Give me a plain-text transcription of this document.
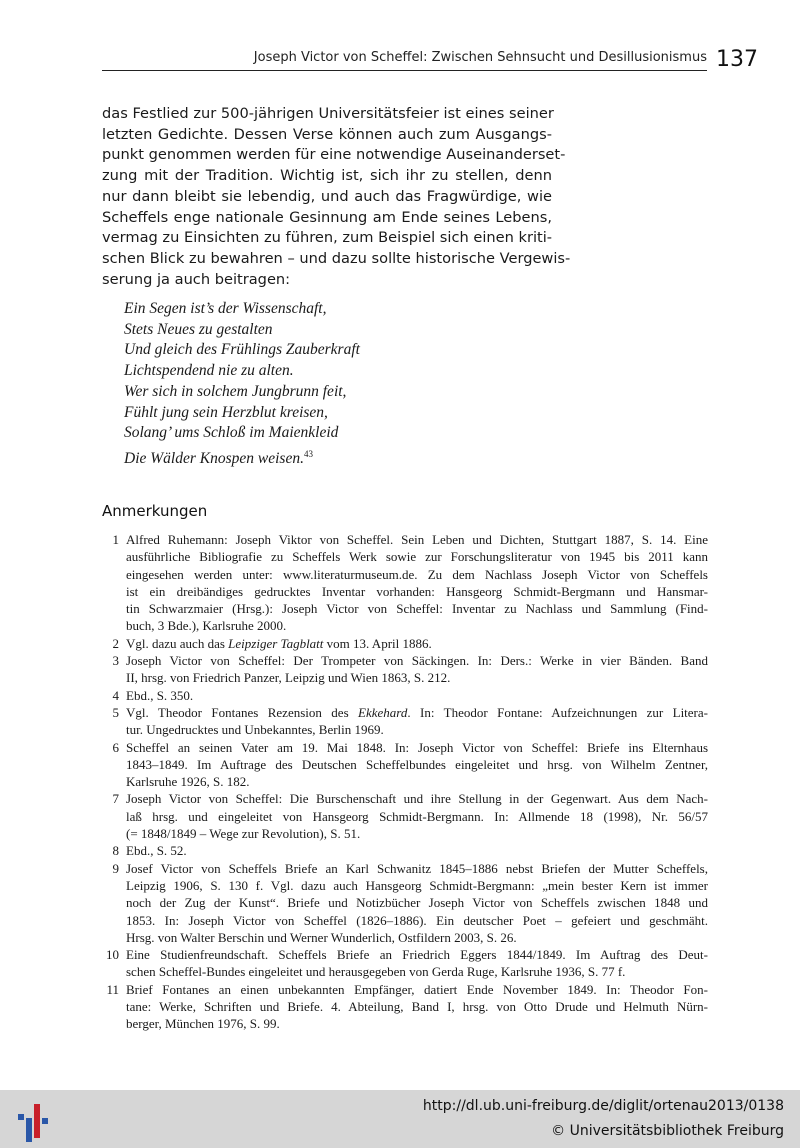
Joseph Victor von Scheffel: Zwischen Sehnsucht und Desillusionismus 137
das Festlied zur 500-jährigen Universitätsfeier ist eines seiner
letzten Gedichte. Dessen Verse können auch zum Ausgangs-
punkt genommen werden für eine notwendige Auseinanderset-
zung mit der Tradition. Wichtig ist, sich ihr zu stellen, denn
nur dann bleibt sie lebendig, und auch das Fragwürdige, wie
Scheffels enge nationale Gesinnung am Ende seines Lebens,
vermag zu Einsichten zu führen, zum Beispiel sich einen kriti-
schen Blick zu bewahren – und dazu sollte historische Vergewis-
serung ja auch beitragen:
Ein Segen ist’s der Wissenschaft,
Stets Neues zu gestalten
Und gleich des Frühlings Zauberkraft
Lichtspendend nie zu alten.
Wer sich in solchem Jungbrunn feit,
Fühlt jung sein Herzblut kreisen,
Solang’ ums Schloß im Maienkleid
Die Wälder Knospen weisen.$^{43}$
Anmerkungen
1 Alfred Ruhemann: Joseph Viktor von Scheffel. Sein Leben und Dichten, Stuttgart 1887, S. 14. Eine
ausführliche Bibliografie zu Scheffels Werk sowie zur Forschungsliteratur von 1945 bis 2011 kann
eingesehen werden unter: www.literaturmuseum.de. Zu dem Nachlass Joseph Victor von Scheffels
ist ein dreibändiges gedrucktes Inventar vorhanden: Hansgeorg Schmidt-Bergmann und Hansmar-
tin Schwarzmaier (Hrsg.): Joseph Victor von Scheffel: Inventar zu Nachlass und Sammlung (Find-
buch, 3 Bde.), Karlsruhe 2000.
2 Vgl. dazu auch das Leipziger Tagblatt vom 13. April 1886.
3 Joseph Victor von Scheffel: Der Trompeter von Säckingen. In: Ders.: Werke in vier Bänden. Band
II, hrsg. von Friedrich Panzer, Leipzig und Wien 1863, S. 212.
4 Ebd., S. 350.
5 Vgl. Theodor Fontanes Rezension des Ekkehard. In: Theodor Fontane: Aufzeichnungen zur Litera-
tur. Ungedrucktes und Unbekanntes, Berlin 1969.
6 Scheffel an seinen Vater am 19. Mai 1848. In: Joseph Victor von Scheffel: Briefe ins Elternhaus
1843–1849. Im Auftrage des Deutschen Scheffelbundes eingeleitet und hrsg. von Wilhelm Zentner,
Karlsruhe 1926, S. 182.
7 Joseph Victor von Scheffel: Die Burschenschaft und ihre Stellung in der Gegenwart. Aus dem Nach-
laß hrsg. und eingeleitet von Hansgeorg Schmidt-Bergmann. In: Allmende 18 (1998), Nr. 56/57
(= 1848/1849 – Wege zur Revolution), S. 51.
8 Ebd., S. 52.
9 Josef Victor von Scheffels Briefe an Karl Schwanitz 1845–1886 nebst Briefen der Mutter Scheffels,
Leipzig 1906, S. 130 f. Vgl. dazu auch Hansgeorg Schmidt-Bergmann: „mein bester Kern ist immer
noch der Zug der Kunst“. Briefe und Notizbücher Joseph Victor von Scheffels zwischen 1848 und
1853. In: Joseph Victor von Scheffel (1826–1886). Ein deutscher Poet – gefeiert und geschmäht.
Hrsg. von Walter Berschin und Werner Wunderlich, Ostfildern 2003, S. 26.
10 Eine Studienfreundschaft. Scheffels Briefe an Friedrich Eggers 1844/1849. Im Auftrag des Deut-
schen Scheffel-Bundes eingeleitet und herausgegeben von Gerda Ruge, Karlsruhe 1936, S. 77 f.
11 Brief Fontanes an einen unbekannten Empfänger, datiert Ende November 1849. In: Theodor Fon-
tane: Werke, Schriften und Briefe. 4. Abteilung, Band I, hrsg. von Otto Drude und Helmuth Nürn-
berger, München 1976, S. 99.
http://dl.ub.uni-freiburg.de/diglit/ortenau2013/0138
© Universitätsbibliothek Freiburg
